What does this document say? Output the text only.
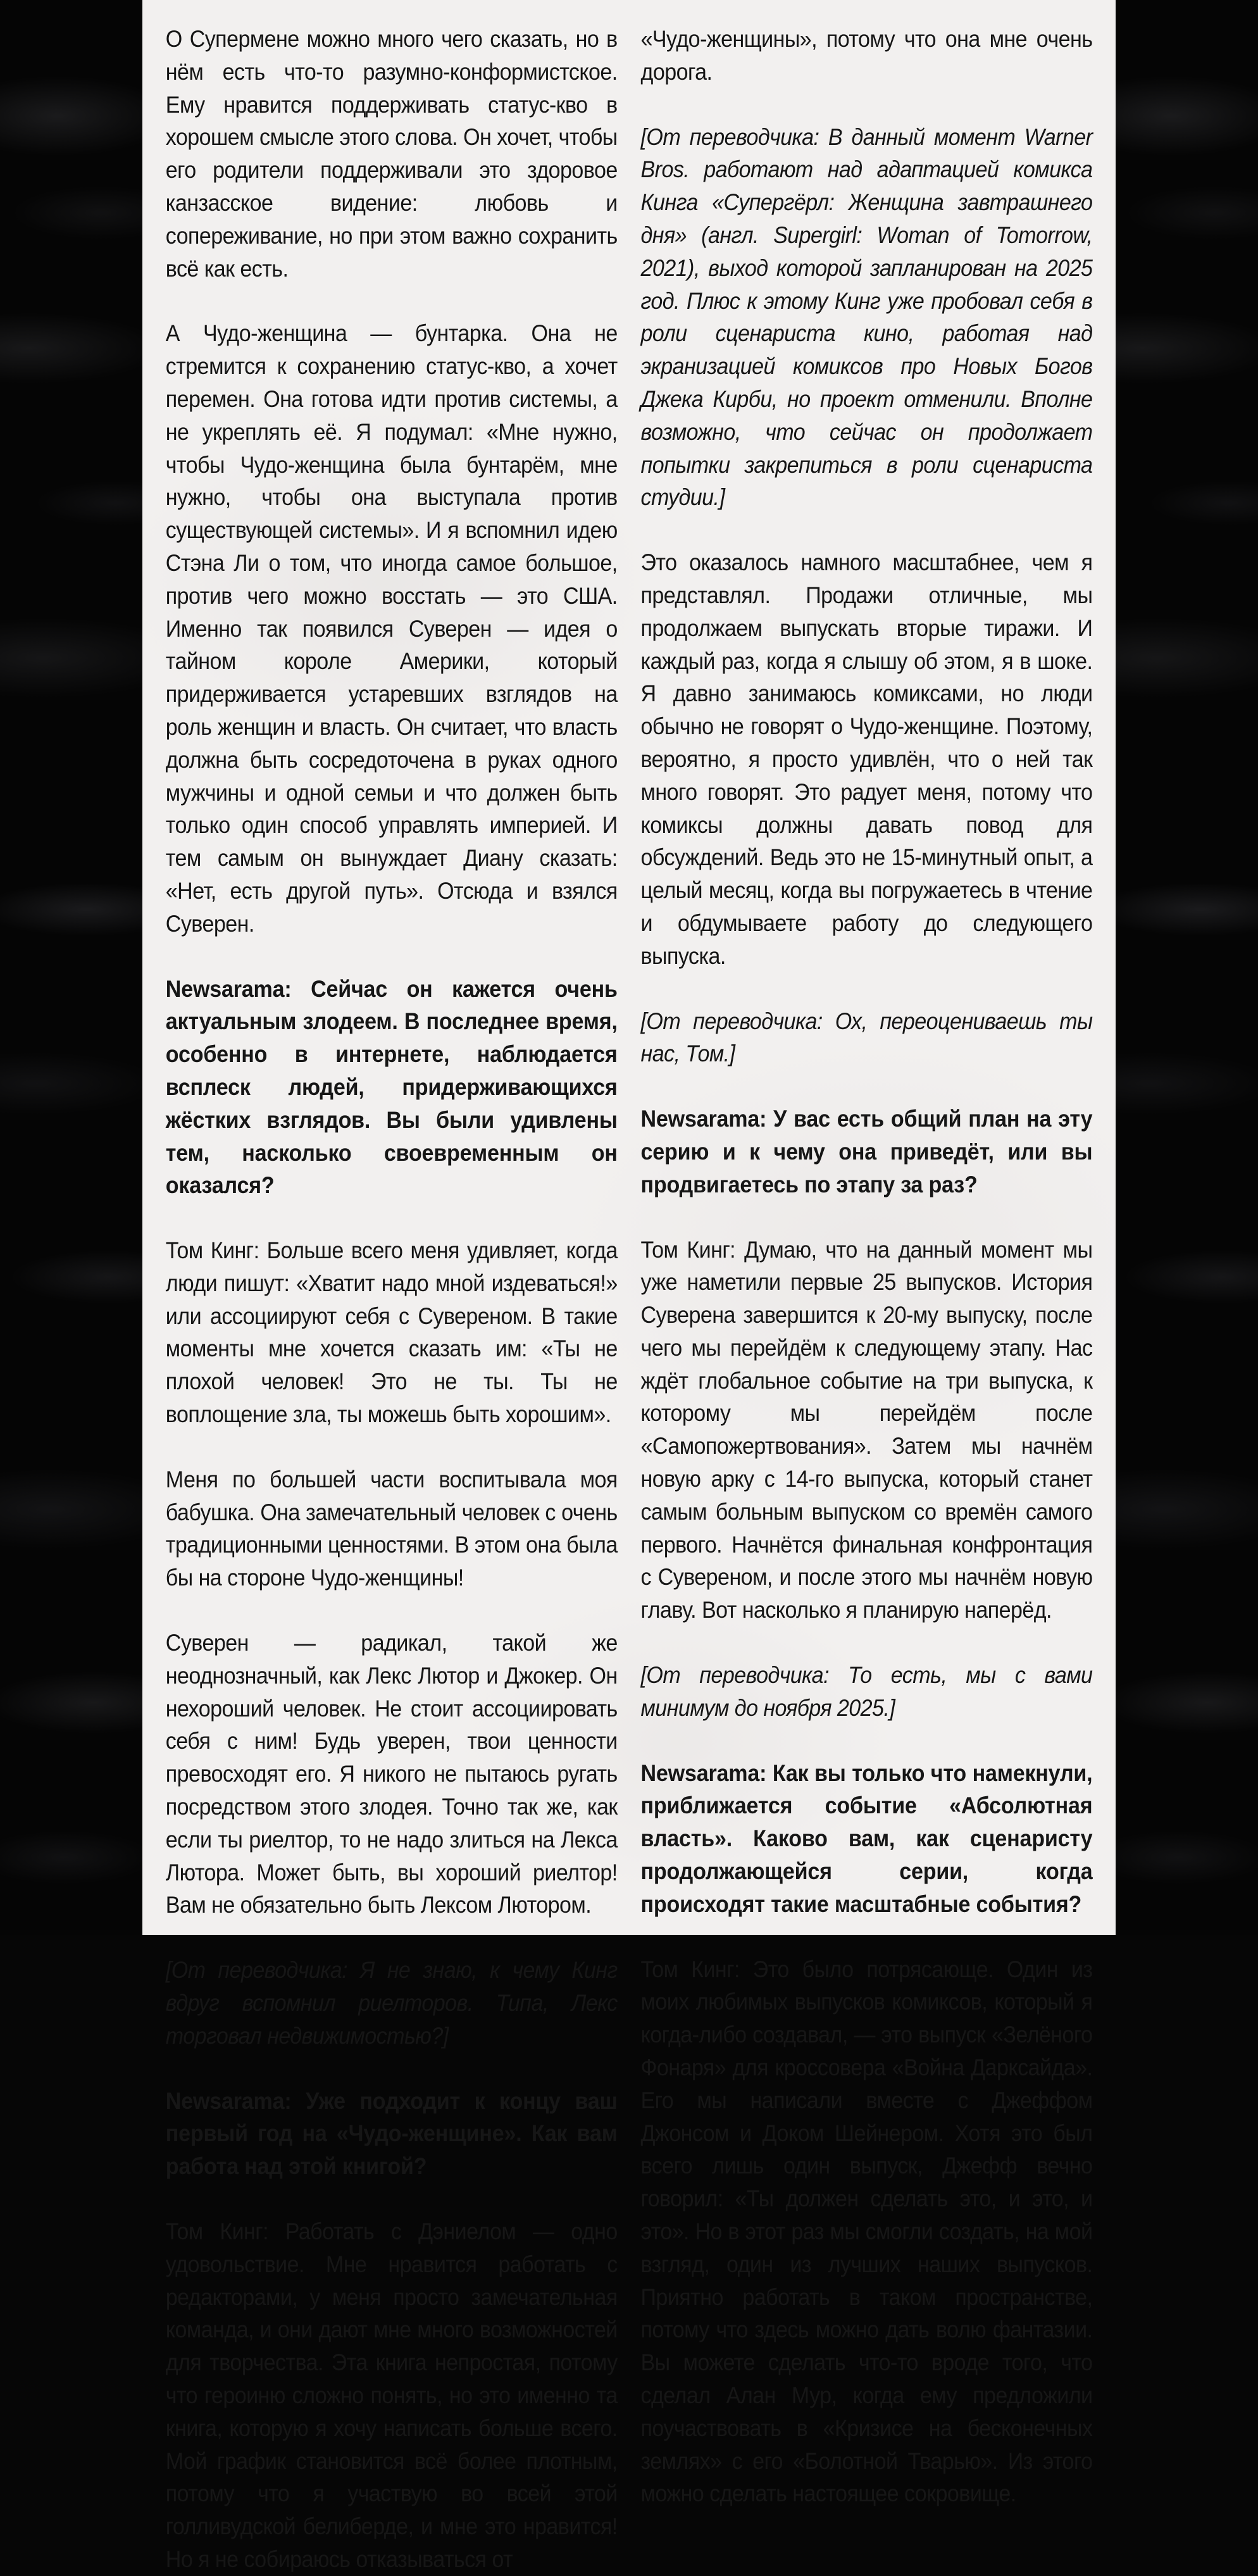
О Супермене можно много чего сказать, но в нём есть что-то разумно-конформистское. Ему нравится поддерживать статус-кво в хорошем смысле этого слова. Он хочет, чтобы его родители поддерживали это здоровое канзасское видение: любовь и сопереживание, но при этом важно сохранить всё как есть.

А Чудо-женщина — бунтарка. Она не стремится к сохранению статус-кво, а хочет перемен. Она готова идти против системы, а не укреплять её. Я подумал: «Мне нужно, чтобы Чудо-женщина была бунтарём, мне нужно, чтобы она выступала против существующей системы». И я вспомнил идею Стэна Ли о том, что иногда самое большое, против чего можно восстать — это США. Именно так появился Суверен — идея о тайном короле Америки, который придерживается устаревших взглядов на роль женщин и власть. Он считает, что власть должна быть сосредоточена в руках одного мужчины и одной семьи и что должен быть только один способ управлять империей. И тем самым он вынуждает Диану сказать: «Нет, есть другой путь». Отсюда и взялся Суверен.

Newsarama: Сейчас он кажется очень актуальным злодеем. В последнее время, особенно в интернете, наблюдается всплеск людей, придерживающихся жёстких взглядов. Вы были удивлены тем, насколько своевременным он оказался?

Том Кинг: Больше всего меня удивляет, когда люди пишут: «Хватит надо мной издеваться!» или ассоциируют себя с Сувереном. В такие моменты мне хочется сказать им: «Ты не плохой человек! Это не ты. Ты не воплощение зла, ты можешь быть хорошим».

Меня по большей части воспитывала моя бабушка. Она замечательный человек с очень традиционными ценностями. В этом она была бы на стороне Чудо-женщины!

Суверен — радикал, такой же неоднозначный, как Лекс Лютор и Джокер. Он нехороший человек. Не стоит ассоциировать себя с ним! Будь уверен, твои ценности превосходят его. Я никого не пытаюсь ругать посредством этого злодея. Точно так же, как если ты риелтор, то не надо злиться на Лекса Лютора. Может быть, вы хороший риелтор! Вам не обязательно быть Лексом Лютором.

[От переводчика: Я не знаю, к чему Кинг вдруг вспомнил риелторов. Типа, Лекс торговал недвижимостью?]

Newsarama: Уже подходит к концу ваш первый год на «Чудо-женщине». Как вам работа над этой книгой?

Том Кинг: Работать с Дэниелом — одно удовольствие. Мне нравится работать с редакторами, у меня просто замечательная команда, и они дают мне много возможностей для творчества. Эта книга непростая, потому что героиню сложно понять, но это именно та книга, которую я хочу написать больше всего. Мой график становится всё более плотным, потому что я участвую во всей этой голливудской белиберде, и мне это нравится! Но я не собираюсь отказываться от

«Чудо-женщины», потому что она мне очень дорога.

[От переводчика: В данный момент Warner Bros. работают над адаптацией комикса Кинга «Супергёрл: Женщина завтрашнего дня» (англ. Supergirl: Woman of Tomorrow, 2021), выход которой запланирован на 2025 год. Плюс к этому Кинг уже пробовал себя в роли сценариста кино, работая над экранизацией комиксов про Новых Богов Джека Кирби, но проект отменили. Вполне возможно, что сейчас он продолжает попытки закрепиться в роли сценариста студии.]

Это оказалось намного масштабнее, чем я представлял. Продажи отличные, мы продолжаем выпускать вторые тиражи. И каждый раз, когда я слышу об этом, я в шоке. Я давно занимаюсь комиксами, но люди обычно не говорят о Чудо-женщине. Поэтому, вероятно, я просто удивлён, что о ней так много говорят. Это радует меня, потому что комиксы должны давать повод для обсуждений. Ведь это не 15-минутный опыт, а целый месяц, когда вы погружаетесь в чтение и обдумываете работу до следующего выпуска.

[От переводчика: Ох, переоцениваешь ты нас, Том.]

Newsarama: У вас есть общий план на эту серию и к чему она приведёт, или вы продвигаетесь по этапу за раз?

Том Кинг: Думаю, что на данный момент мы уже наметили первые 25 выпусков. История Суверена завершится к 20-му выпуску, после чего мы перейдём к следующему этапу. Нас ждёт глобальное событие на три выпуска, к которому мы перейдём после «Самопожертвования». Затем мы начнём новую арку с 14-го выпуска, который станет самым больным выпуском со времён самого первого. Начнётся финальная конфронтация с Сувереном, и после этого мы начнём новую главу. Вот насколько я планирую наперёд.

[От переводчика: То есть, мы с вами минимум до ноября 2025.]

Newsarama: Как вы только что намекнули, приближается событие «Абсолютная власть». Каково вам, как сценаристу продолжающейся серии, когда происходят такие масштабные события?

Том Кинг: Это было потрясающе. Один из моих любимых выпусков комиксов, который я когда-либо создавал, — это выпуск «Зелёного Фонаря» для кроссовера «Война Дарксайда». Его мы написали вместе с Джеффом Джонсом и Доком Шейнером. Хотя это был всего лишь один выпуск, Джефф вечно говорил: «Ты должен сделать это, и это, и это». Но в этот раз мы смогли создать, на мой взгляд, один из лучших наших выпусков. Приятно работать в таком пространстве, потому что здесь можно дать волю фантазии. Вы можете сделать что-то вроде того, что сделал Алан Мур, когда ему предложили поучаствовать в «Кризисе на бесконечных землях» с его «Болотной Тварью». Из этого можно сделать настоящее сокровище.
